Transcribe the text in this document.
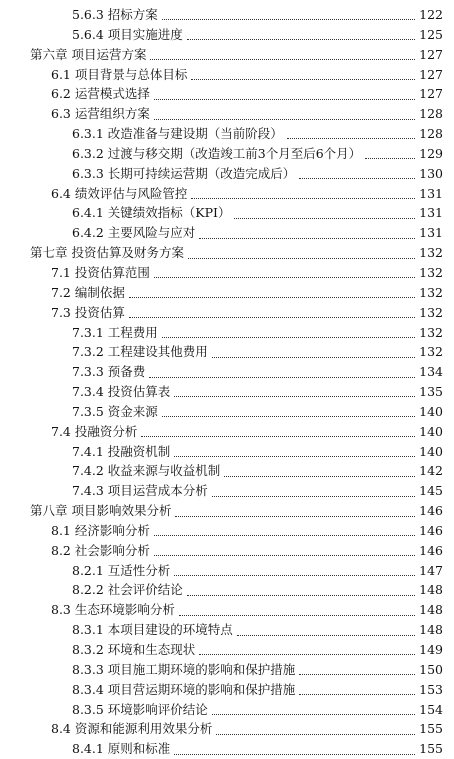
5.6.3 招标方案	122
5.6.4 项目实施进度	125
第六章 项目运营方案	127
6.1 项目背景与总体目标	127
6.2 运营模式选择	127
6.3 运营组织方案	128
6.3.1 改造准备与建设期（当前阶段）	128
6.3.2 过渡与移交期（改造竣工前3个月至后6个月）	129
6.3.3 长期可持续运营期（改造完成后）	130
6.4 绩效评估与风险管控	131
6.4.1 关键绩效指标（KPI）	131
6.4.2 主要风险与应对	131
第七章 投资估算及财务方案	132
7.1 投资估算范围	132
7.2 编制依据	132
7.3 投资估算	132
7.3.1 工程费用	132
7.3.2 工程建设其他费用	132
7.3.3 预备费	134
7.3.4 投资估算表	135
7.3.5 资金来源	140
7.4 投融资分析	140
7.4.1 投融资机制	140
7.4.2 收益来源与收益机制	142
7.4.3 项目运营成本分析	145
第八章 项目影响效果分析	146
8.1 经济影响分析	146
8.2 社会影响分析	146
8.2.1 互适性分析	147
8.2.2 社会评价结论	148
8.3 生态环境影响分析	148
8.3.1 本项目建设的环境特点	148
8.3.2 环境和生态现状	149
8.3.3 项目施工期环境的影响和保护措施	150
8.3.4 项目营运期环境的影响和保护措施	153
8.3.5 环境影响评价结论	154
8.4 资源和能源利用效果分析	155
8.4.1 原则和标准	155
